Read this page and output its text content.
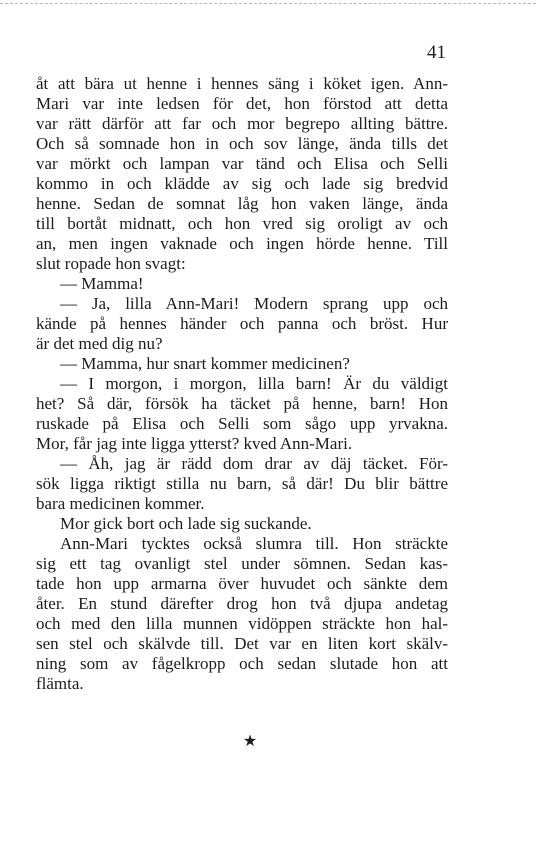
41
åt att bära ut henne i hennes säng i köket igen. Ann-
Mari var inte ledsen för det, hon förstod att detta
var rätt därför att far och mor begrepo allting bättre.
Och så somnade hon in och sov länge, ända tills det
var mörkt och lampan var tänd och Elisa och Selli
kommo in och klädde av sig och lade sig bredvid
henne. Sedan de somnat låg hon vaken länge, ända
till bortåt midnatt, och hon vred sig oroligt av och
an, men ingen vaknade och ingen hörde henne. Till
slut ropade hon svagt:
— Mamma!
— Ja, lilla Ann-Mari! Modern sprang upp och
kände på hennes händer och panna och bröst. Hur
är det med dig nu?
— Mamma, hur snart kommer medicinen?
— I morgon, i morgon, lilla barn! Är du väldigt
het? Så där, försök ha täcket på henne, barn! Hon
ruskade på Elisa och Selli som sågo upp yrvakna.
Mor, får jag inte ligga ytterst? kved Ann-Mari.
— Åh, jag är rädd dom drar av däj täcket. För-
sök ligga riktigt stilla nu barn, så där! Du blir bättre
bara medicinen kommer.
Mor gick bort och lade sig suckande.
Ann-Mari tycktes också slumra till. Hon sträckte
sig ett tag ovanligt stel under sömnen. Sedan kas-
tade hon upp armarna över huvudet och sänkte dem
åter. En stund därefter drog hon två djupa andetag
och med den lilla munnen vidöppen sträckte hon hal-
sen stel och skälvde till. Det var en liten kort skälv-
ning som av fågelkropp och sedan slutade hon att
flämta.
★
